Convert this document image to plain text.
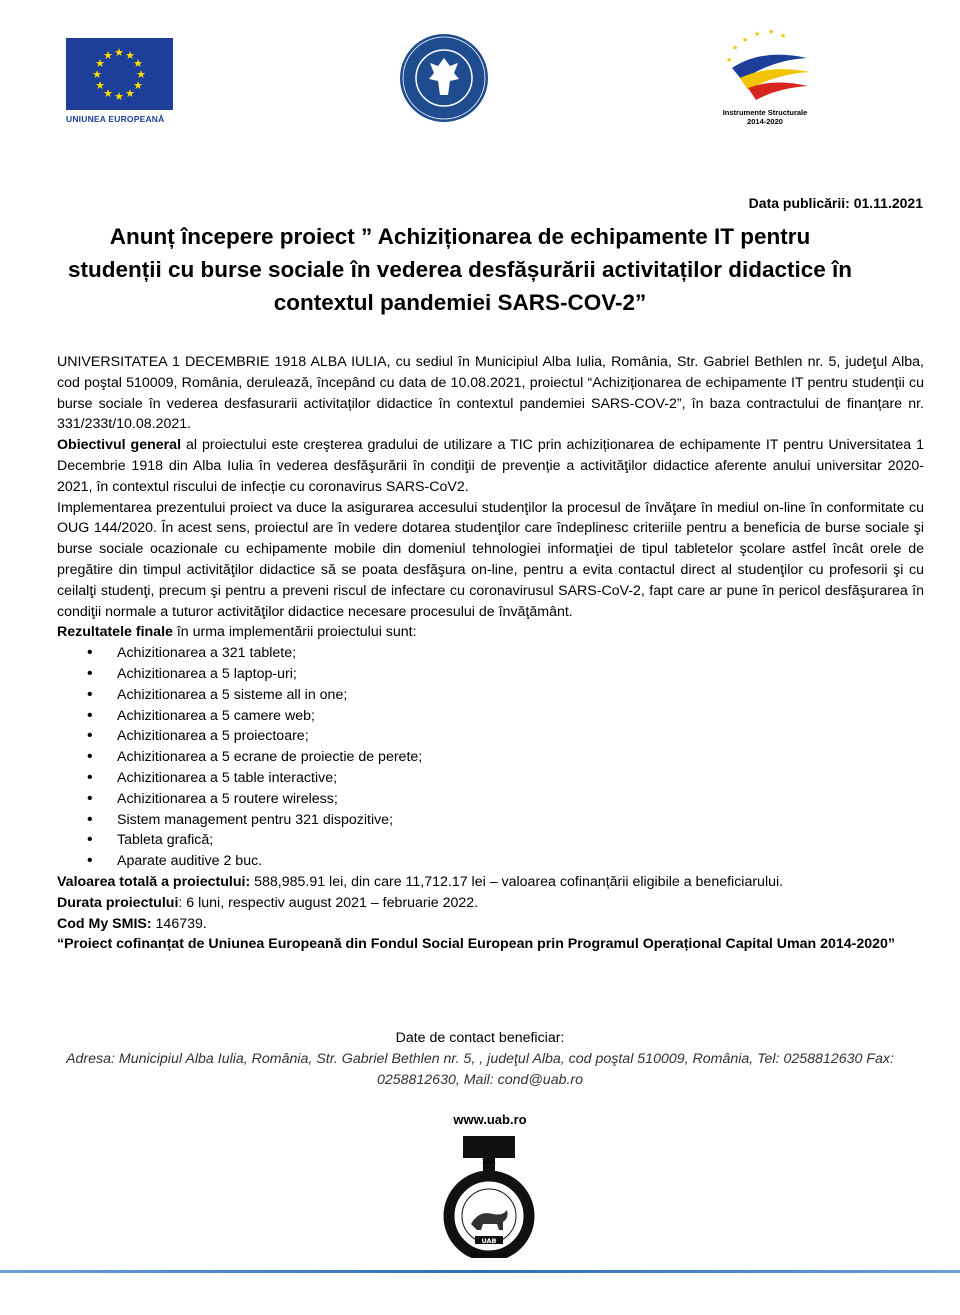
★ ★
★
★
★
★
★
★
★
★
★
★
UNIUNEA EUROPEANĂ
★
★ ★ ★
★
★
Instrumente Structurale
2014-2020
Data publicării: 01.11.2021
Anunț începere proiect ” Achiziționarea de echipamente IT pentru studenții cu burse sociale în vederea desfășurării activitaților didactice în contextul pandemiei SARS-COV-2”

UNIVERSITATEA 1 DECEMBRIE 1918 ALBA IULIA, cu sediul în Municipiul Alba Iulia, România, Str. Gabriel Bethlen nr. 5, judeţul Alba, cod poştal 510009, România, derulează, începând cu data de 10.08.2021, proiectul “Achiziționarea de echipamente IT pentru studenții cu burse sociale în vederea desfasurarii activitaților didactice în contextul pandemiei SARS-COV-2”, în baza contractului de finanțare nr. 331/233t/10.08.2021.

Obiectivul general al proiectului este creşterea gradului de utilizare a TIC prin achiziționarea de echipamente IT pentru Universitatea 1 Decembrie 1918 din Alba Iulia în vederea desfăşurării în condiţii de prevenție a activităţilor didactice aferente anului universitar 2020-2021, în contextul riscului de infecție cu coronavirus SARS-CoV2.

Implementarea prezentului proiect va duce la asigurarea accesului studenţilor la procesul de învăţare în mediul on-line în conformitate cu OUG 144/2020. În acest sens, proiectul are în vedere dotarea studenţilor care îndeplinesc criteriile pentru a beneficia de burse sociale şi burse sociale ocazionale cu echipamente mobile din domeniul tehnologiei informaţiei de tipul tabletelor şcolare astfel încât orele de pregătire din timpul activităţilor didactice să se poata desfăşura on-line, pentru a evita contactul direct al studenţilor cu profesorii şi cu ceilalţi studenţi, precum şi pentru a preveni riscul de infectare cu coronavirusul SARS-CoV-2, fapt care ar pune în pericol desfăşurarea în condiţii normale a tuturor activităţilor didactice necesare procesului de învăţământ.

Rezultatele finale în urma implementării proiectului sunt:

• Achizitionarea a 321 tablete;
• Achizitionarea a 5 laptop-uri;
• Achizitionarea a 5 sisteme all in one;
• Achizitionarea a 5 camere web;
• Achizitionarea a 5 proiectoare;
• Achizitionarea a 5 ecrane de proiectie de perete;
• Achizitionarea a 5 table interactive;
• Achizitionarea a 5 routere wireless;
• Sistem management pentru 321 dispozitive;
• Tableta grafică;
• Aparate auditive 2 buc.

Valoarea totală a proiectului: 588,985.91 lei, din care 11,712.17 lei – valoarea cofinanțării eligibile a beneficiarului.

Durata proiectului: 6 luni, respectiv august 2021 – februarie 2022.

Cod My SMIS: 146739.

“Proiect cofinanțat de Uniunea Europeană din Fondul Social European prin Programul Operațional Capital Uman 2014-2020”

Date de contact beneficiar:
Adresa: Municipiul Alba Iulia, România, Str. Gabriel Bethlen nr. 5, , judeţul Alba, cod poştal 510009, România, Tel: 0258812630 Fax: 0258812630, Mail: cond@uab.ro
www.uab.ro
1991
UAB
DIN ALBA IULIA
